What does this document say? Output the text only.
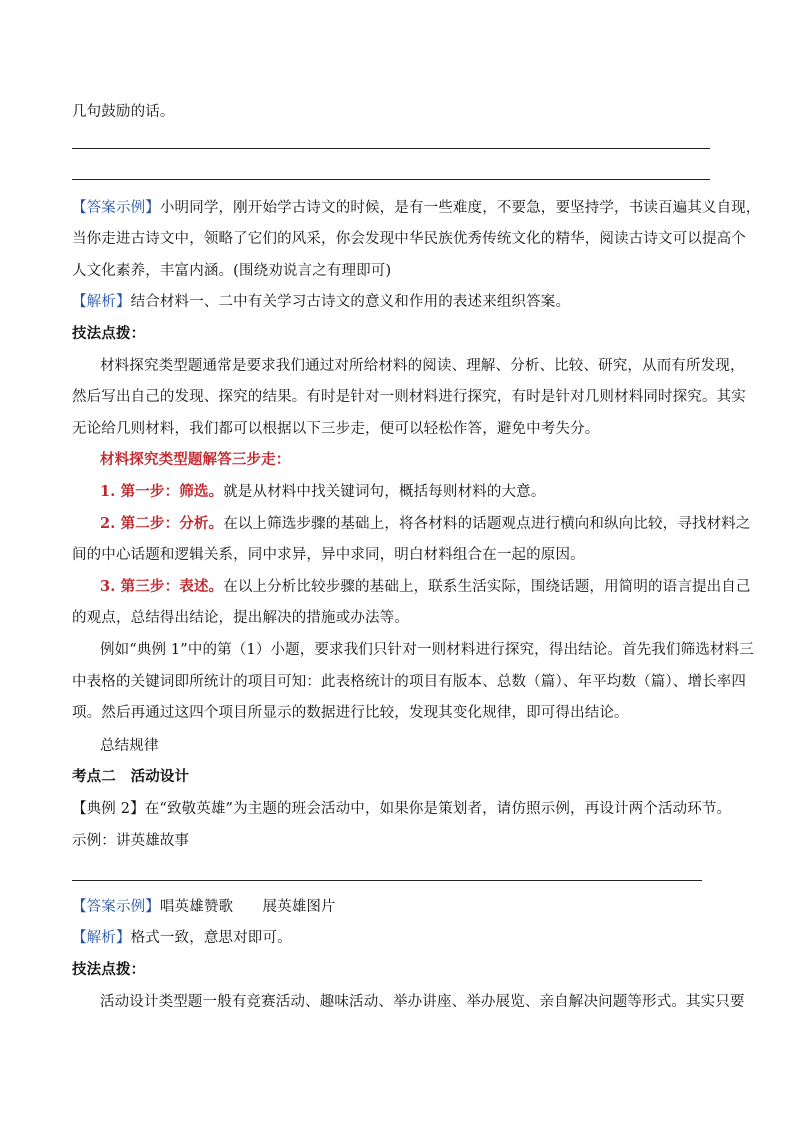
几句鼓励的话。
【答案示例】小明同学，刚开始学古诗文的时候，是有一些难度，不要急，要坚持学，书读百遍其义自现，
当你走进古诗文中，领略了它们的风采，你会发现中华民族优秀传统文化的精华，阅读古诗文可以提高个
人文化素养，丰富内涵。(围绕劝说言之有理即可)
【解析】结合材料一、二中有关学习古诗文的意义和作用的表述来组织答案。
技法点拨：
材料探究类型题通常是要求我们通过对所给材料的阅读、理解、分析、比较、研究，从而有所发现，
然后写出自己的发现、探究的结果。有时是针对一则材料进行探究，有时是针对几则材料同时探究。其实
无论给几则材料，我们都可以根据以下三步走，便可以轻松作答，避免中考失分。
材料探究类型题解答三步走：
1. 第一步：筛选。就是从材料中找关键词句，概括每则材料的大意。
2. 第二步：分析。在以上筛选步骤的基础上，将各材料的话题观点进行横向和纵向比较，寻找材料之
间的中心话题和逻辑关系，同中求异，异中求同，明白材料组合在一起的原因。
3. 第三步：表述。在以上分析比较步骤的基础上，联系生活实际，围绕话题，用简明的语言提出自己
的观点，总结得出结论，提出解决的措施或办法等。
例如“典例 1”中的第（1）小题，要求我们只针对一则材料进行探究，得出结论。首先我们筛选材料三
中表格的关键词即所统计的项目可知：此表格统计的项目有版本、总数（篇）、年平均数（篇）、增长率四
项。然后再通过这四个项目所显示的数据进行比较，发现其变化规律，即可得出结论。
总结规律
考点二　活动设计
【典例 2】在“致敬英雄”为主题的班会活动中，如果你是策划者，请仿照示例，再设计两个活动环节。
示例：讲英雄故事
【答案示例】唱英雄赞歌　　展英雄图片
【解析】格式一致，意思对即可。
技法点拨：
活动设计类型题一般有竞赛活动、趣味活动、举办讲座、举办展览、亲自解决问题等形式。其实只要
